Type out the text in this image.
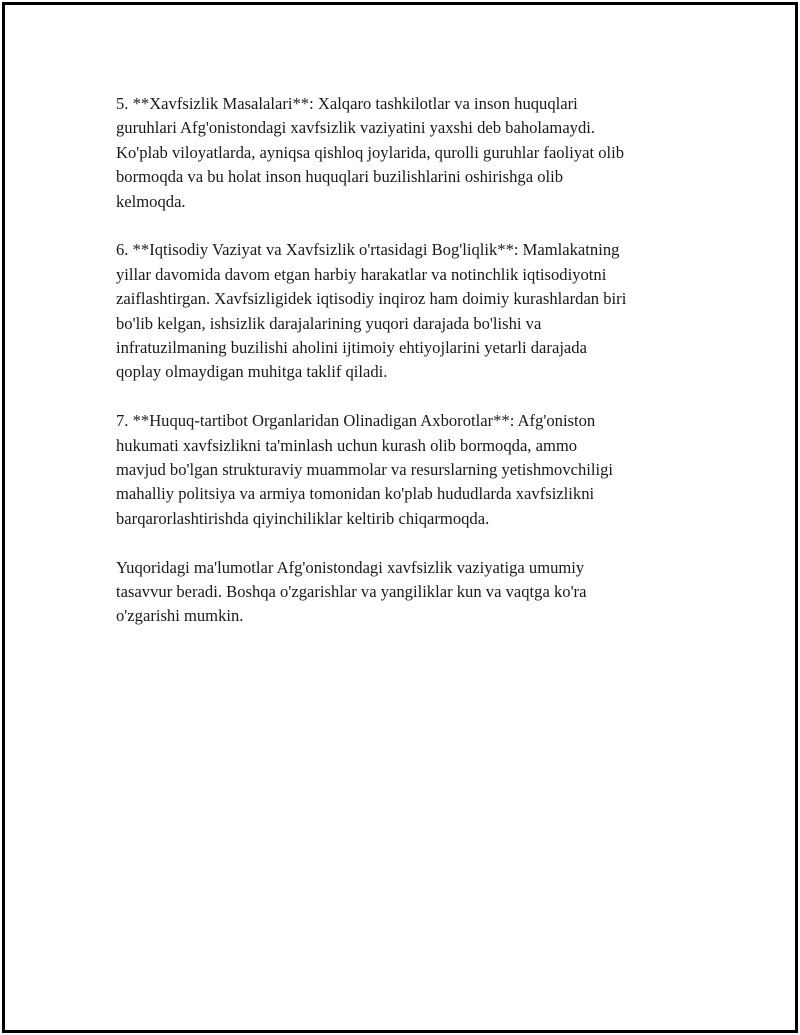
5. **Xavfsizlik Masalalari**: Xalqaro tashkilotlar va inson huquqlari
guruhlari Afg'onistondagi xavfsizlik vaziyatini yaxshi deb baholamaydi.
Ko'plab viloyatlarda, ayniqsa qishloq joylarida, qurolli guruhlar faoliyat olib
bormoqda va bu holat inson huquqlari buzilishlarini oshirishga olib
kelmoqda.

6. **Iqtisodiy Vaziyat va Xavfsizlik o'rtasidagi Bog'liqlik**: Mamlakatning
yillar davomida davom etgan harbiy harakatlar va notinchlik iqtisodiyotni
zaiflashtirgan. Xavfsizligidek iqtisodiy inqiroz ham doimiy kurashlardan biri
bo'lib kelgan, ishsizlik darajalarining yuqori darajada bo'lishi va
infratuzilmaning buzilishi aholini ijtimoiy ehtiyojlarini yetarli darajada
qoplay olmaydigan muhitga taklif qiladi.

7. **Huquq-tartibot Organlaridan Olinadigan Axborotlar**: Afg'oniston
hukumati xavfsizlikni ta'minlash uchun kurash olib bormoqda, ammo
mavjud bo'lgan strukturaviy muammolar va resurslarning yetishmovchiligi
mahalliy politsiya va armiya tomonidan ko'plab hududlarda xavfsizlikni
barqarorlashtirishda qiyinchiliklar keltirib chiqarmoqda.

Yuqoridagi ma'lumotlar Afg'onistondagi xavfsizlik vaziyatiga umumiy
tasavvur beradi. Boshqa o'zgarishlar va yangiliklar kun va vaqtga ko'ra
o'zgarishi mumkin.
